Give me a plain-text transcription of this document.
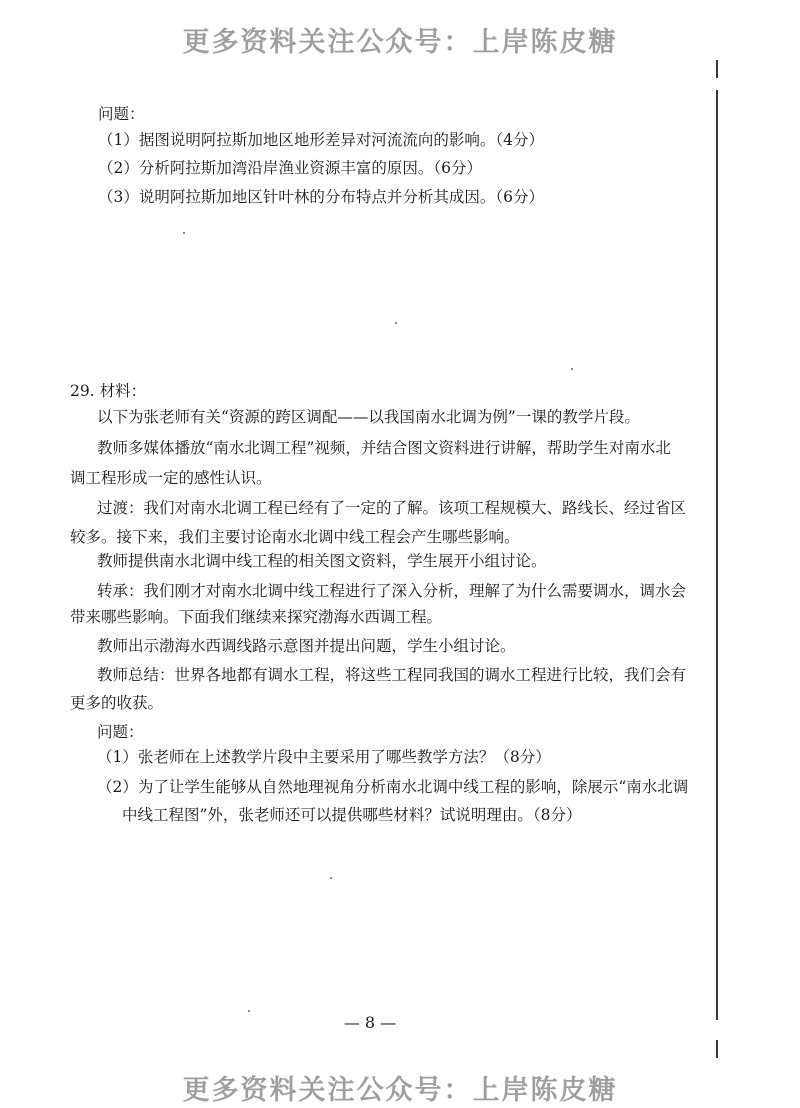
更多资料关注公众号：上岸陈皮糖
问题：
（1）据图说明阿拉斯加地区地形差异对河流流向的影响。（4分）
（2）分析阿拉斯加湾沿岸渔业资源丰富的原因。（6分）
（3）说明阿拉斯加地区针叶林的分布特点并分析其成因。（6分）
29. 材料：
以下为张老师有关“资源的跨区调配——以我国南水北调为例”一课的教学片段。
教师多媒体播放“南水北调工程”视频，并结合图文资料进行讲解，帮助学生对南水北
调工程形成一定的感性认识。
过渡：我们对南水北调工程已经有了一定的了解。该项工程规模大、路线长、经过省区
较多。接下来，我们主要讨论南水北调中线工程会产生哪些影响。
教师提供南水北调中线工程的相关图文资料，学生展开小组讨论。
转承：我们刚才对南水北调中线工程进行了深入分析，理解了为什么需要调水，调水会
带来哪些影响。下面我们继续来探究渤海水西调工程。
教师出示渤海水西调线路示意图并提出问题，学生小组讨论。
教师总结：世界各地都有调水工程，将这些工程同我国的调水工程进行比较，我们会有
更多的收获。
问题：
（1）张老师在上述教学片段中主要采用了哪些教学方法？（8分）
（2）为了让学生能够从自然地理视角分析南水北调中线工程的影响，除展示“南水北调
中线工程图”外，张老师还可以提供哪些材料？试说明理由。（8分）
— 8 —
更多资料关注公众号：上岸陈皮糖
